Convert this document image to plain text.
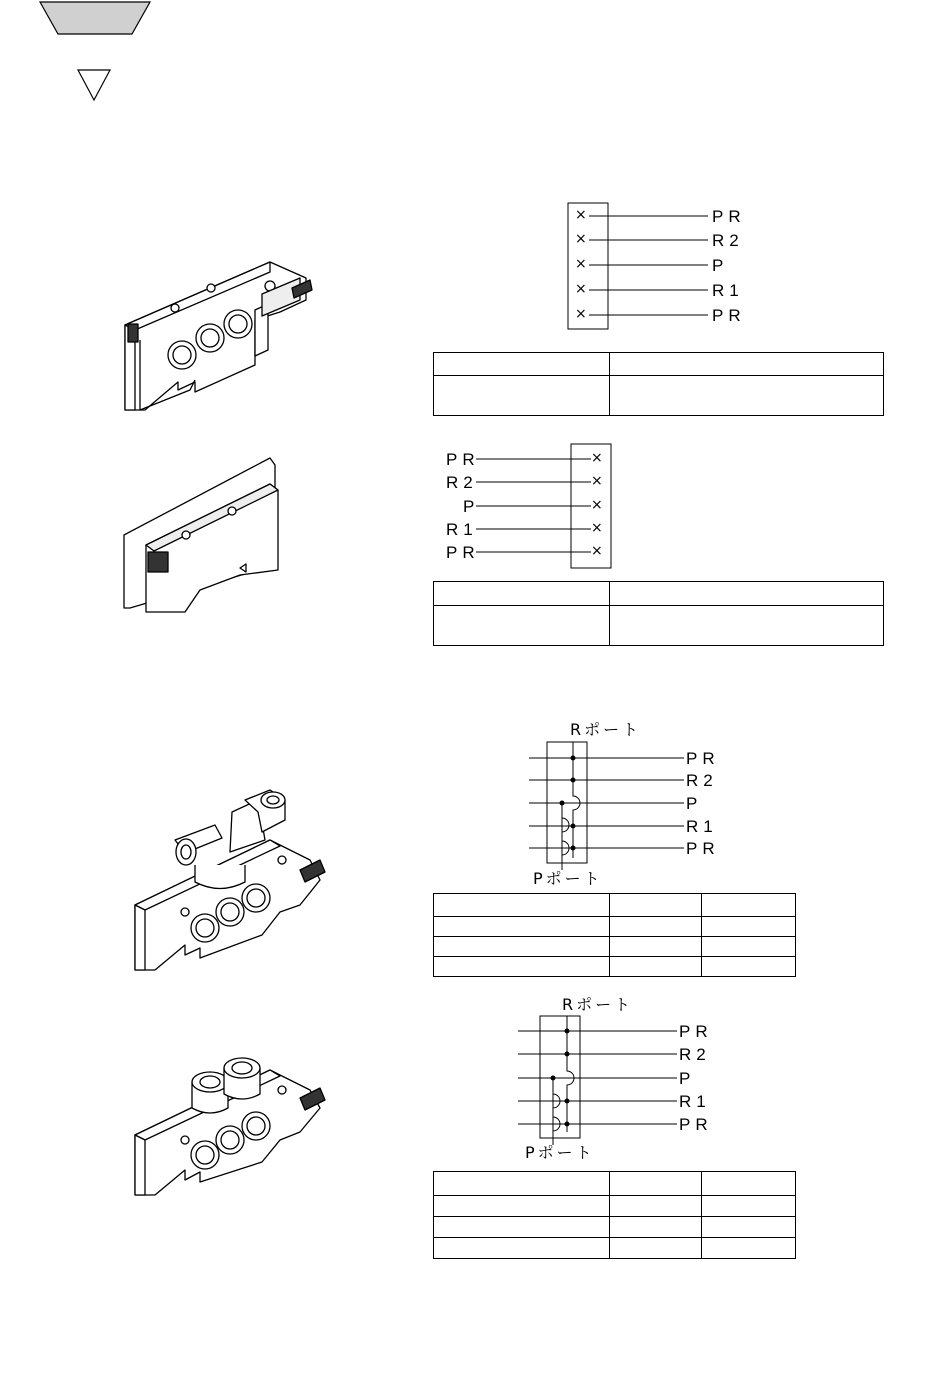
×
×
×
×
×
PR
R2
P
R1
PR

PR
R2
P
R1
PR
×
×
×
×
×

Rポート
Pポート
PR
R2
P
R1
PR

Rポート
Pポート
PR
R2
P
R1
PR
